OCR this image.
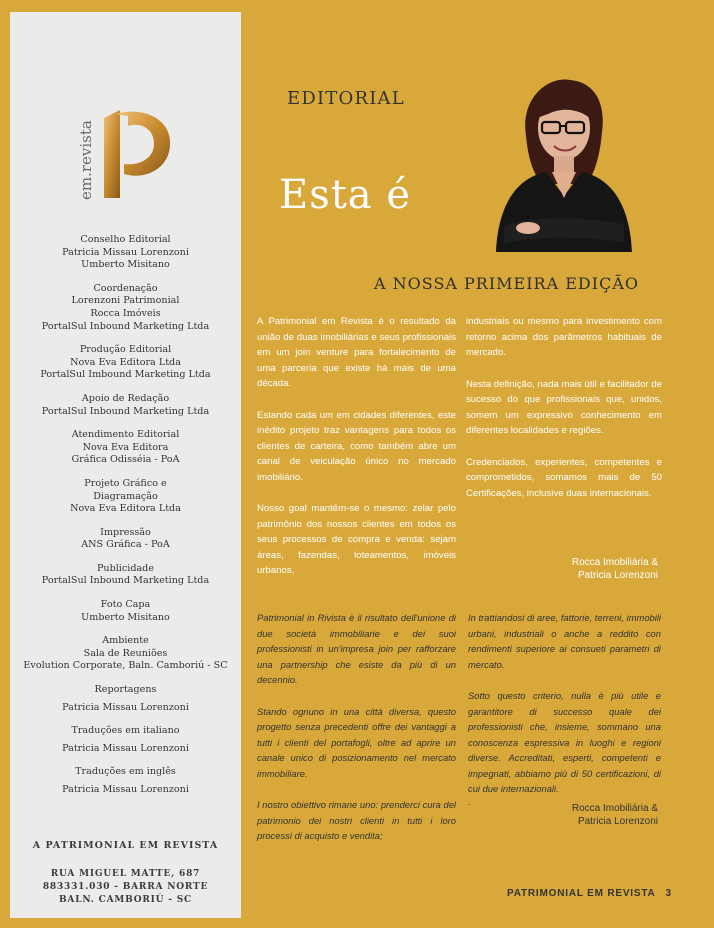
em.revista
Conselho Editorial
Patricia Missau Lorenzoni
Umberto Misitano
Coordenação
Lorenzoni Patrimonial
Rocca Imóveis
PortalSul Inbound Marketing Ltda
Produção Editorial
Nova Eva Editora Ltda
PortalSul Imbound Marketing Ltda
Apoio de Redação
PortalSul Inbound Marketing Ltda
Atendimento Editorial
Nova Eva Editora
Gráfica Odisséia - PoA
Projeto Gráfico e
Diagramação
Nova Eva Editora Ltda
Impressão
ANS Gráfica - PoA
Publicidade
PortalSul Inbound Marketing Ltda
Foto Capa
Umberto Misitano
Ambiente
Sala de Reuniões
Evolution Corporate, Baln. Camboriú - SC
Reportagens
Patricia Missau Lorenzoni
Traduções em italiano
Patricia Missau Lorenzoni
Traduções em inglês
Patricia Missau Lorenzoni
A PATRIMONIAL EM REVISTA
RUA MIGUEL MATTE, 687
883331.030 - BARRA NORTE
BALN. CAMBORIÚ - SC
EDITORIAL
Esta é
A NOSSA PRIMEIRA EDIÇÃO

A Patrimonial em Revista é o resultado da união de duas imobiliárias e seus profissionais em um join venture para fortalecimento de uma parceria que existe há mais de uma década.

Estando cada um em cidades diferentes, este inédito projeto traz vantagens para todos os clientes de carteira, como também abre um canal de veiculação único no mercado imobiliário.

Nosso goal mantêm-se o mesmo: zelar pelo patrimônio dos nossos clientes em todos os seus processos de compra e venda: sejam áreas, fazendas, loteamentos, imóveis urbanos,

industriais ou mesmo para investimento com retorno acima dos parâmetros habituais de mercado.

Nesta definição, nada mais útil e facilitador de sucesso do que profissionais que, unidos, somem um expressivo conhecimento em diferentes localidades e regiões.

Credenciados, experientes, competentes e comprometidos, somamos mais de 50 Certificações, inclusive duas internacionais.

Rocca Imobiliária &
Patricia Lorenzoni

Patrimonial in Rivista è il risultato dell'unione di due società immobiliarie e dei suoi professionisti in un'impresa join per rafforzare una partnership che esiste da più di un decennio.

Stando ognuno in una città diversa, questo progetto senza precedenti offre dei vantaggi a tutti i clienti del portafogli, oltre ad aprire un canale unico di posizionamento nel mercato immobiliare.

I nostro obiettivo rimane uno: prenderci cura del patrimonio dei nostri clienti in tutti i loro processi di acquisto e vendita;

In trattiandosi di aree, fattorie, terreni, immobili urbani, industriali o anche a reddito con rendimenti superiore ai consueti parametri di mercato.

Sotto questo criterio, nulla è più utile e garantitore di successo quale dei professionisti che, insieme, sommano una conoscenza espressiva in luoghi e regioni diverse. Accreditati, esperti, competenti e impegnati, abbiamo più di 50 certificazioni, di cui due internazionali.

.

Rocca Imobiliária &
Patricia Lorenzoni
PATRIMONIAL EM REVISTA 3
